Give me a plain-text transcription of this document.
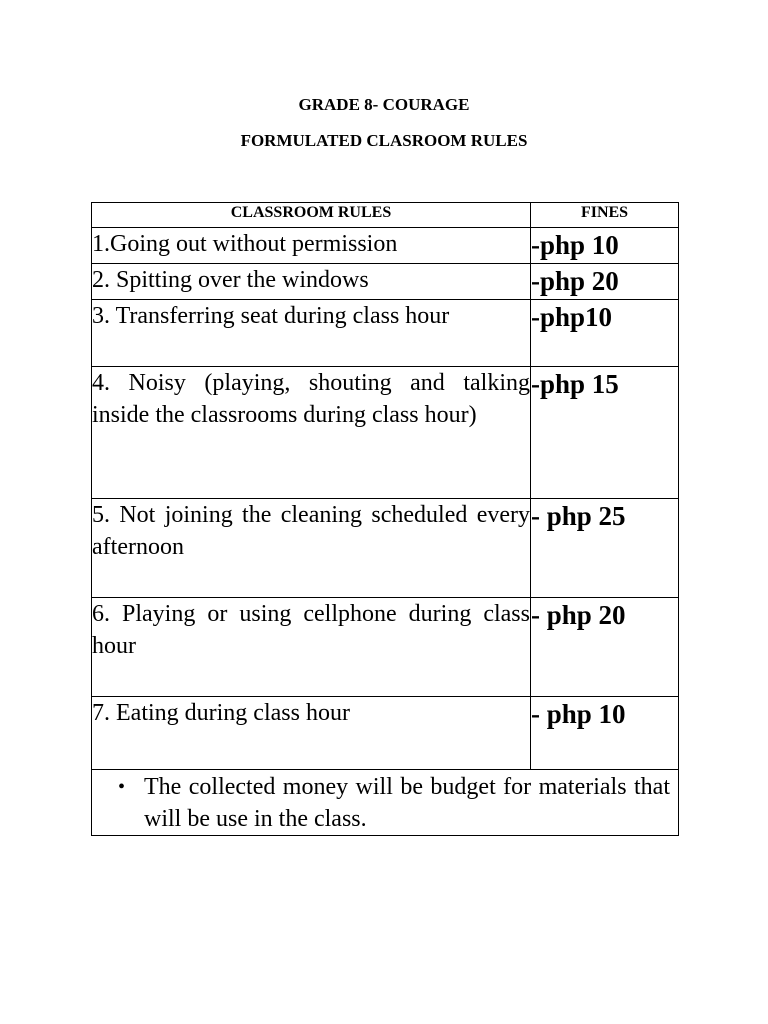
GRADE 8- COURAGE
FORMULATED CLASROOM RULES
CLASSROOM RULES	FINES
1.Going out without permission	-php 10
2. Spitting over the windows	-php 20
3. Transferring seat during class hour	-php10
4. Noisy (playing, shouting and talking inside the classrooms during class hour)	-php 15
5. Not joining the cleaning scheduled every afternoon	- php 25
6. Playing or using cellphone during class hour	- php 20
7. Eating during class hour	- php 10

• The collected money will be budget for materials that will be use in the class.	
